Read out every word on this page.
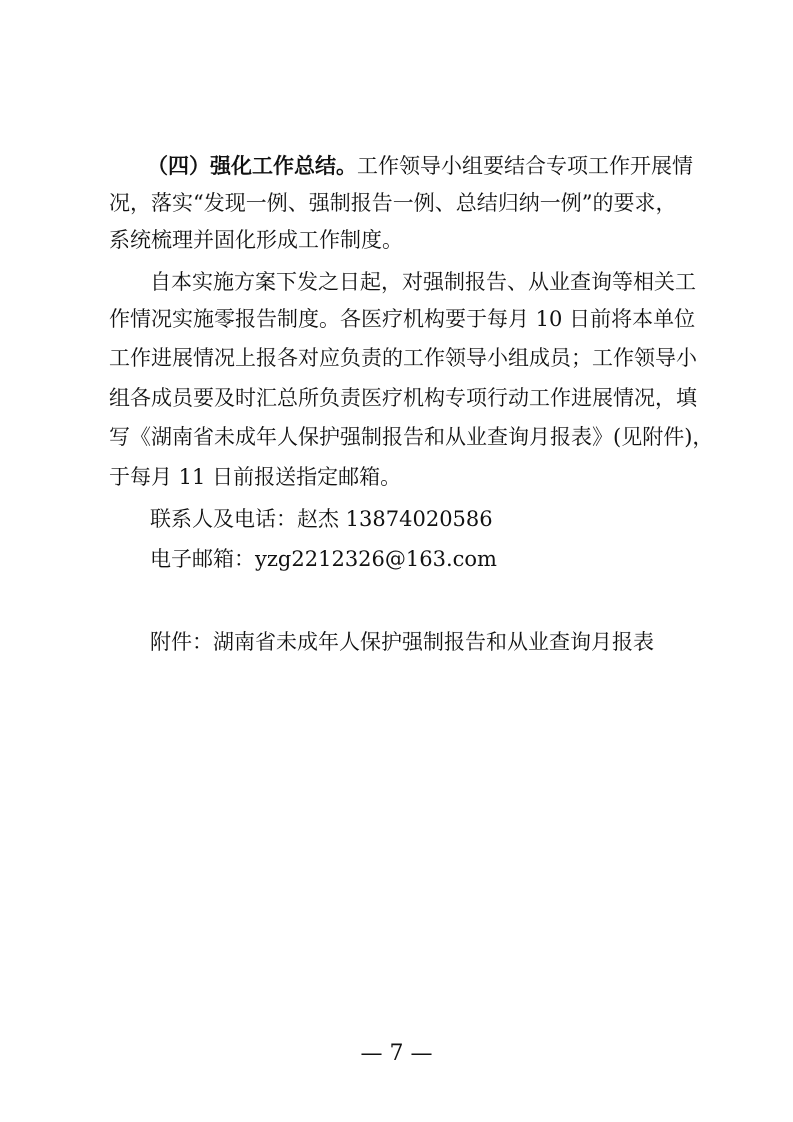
（四）强化工作总结。工作领导小组要结合专项工作开展情
况，落实“发现一例、强制报告一例、总结归纳一例”的要求，
系统梳理并固化形成工作制度。
自本实施方案下发之日起，对强制报告、从业查询等相关工
作情况实施零报告制度。各医疗机构要于每月 10 日前将本单位
工作进展情况上报各对应负责的工作领导小组成员；工作领导小
组各成员要及时汇总所负责医疗机构专项行动工作进展情况，填
写《湖南省未成年人保护强制报告和从业查询月报表》(见附件)，
于每月 11 日前报送指定邮箱。
联系人及电话：赵杰 13874020586
电子邮箱：yzg2212326@163.com
附件：湖南省未成年人保护强制报告和从业查询月报表
— 7 —
